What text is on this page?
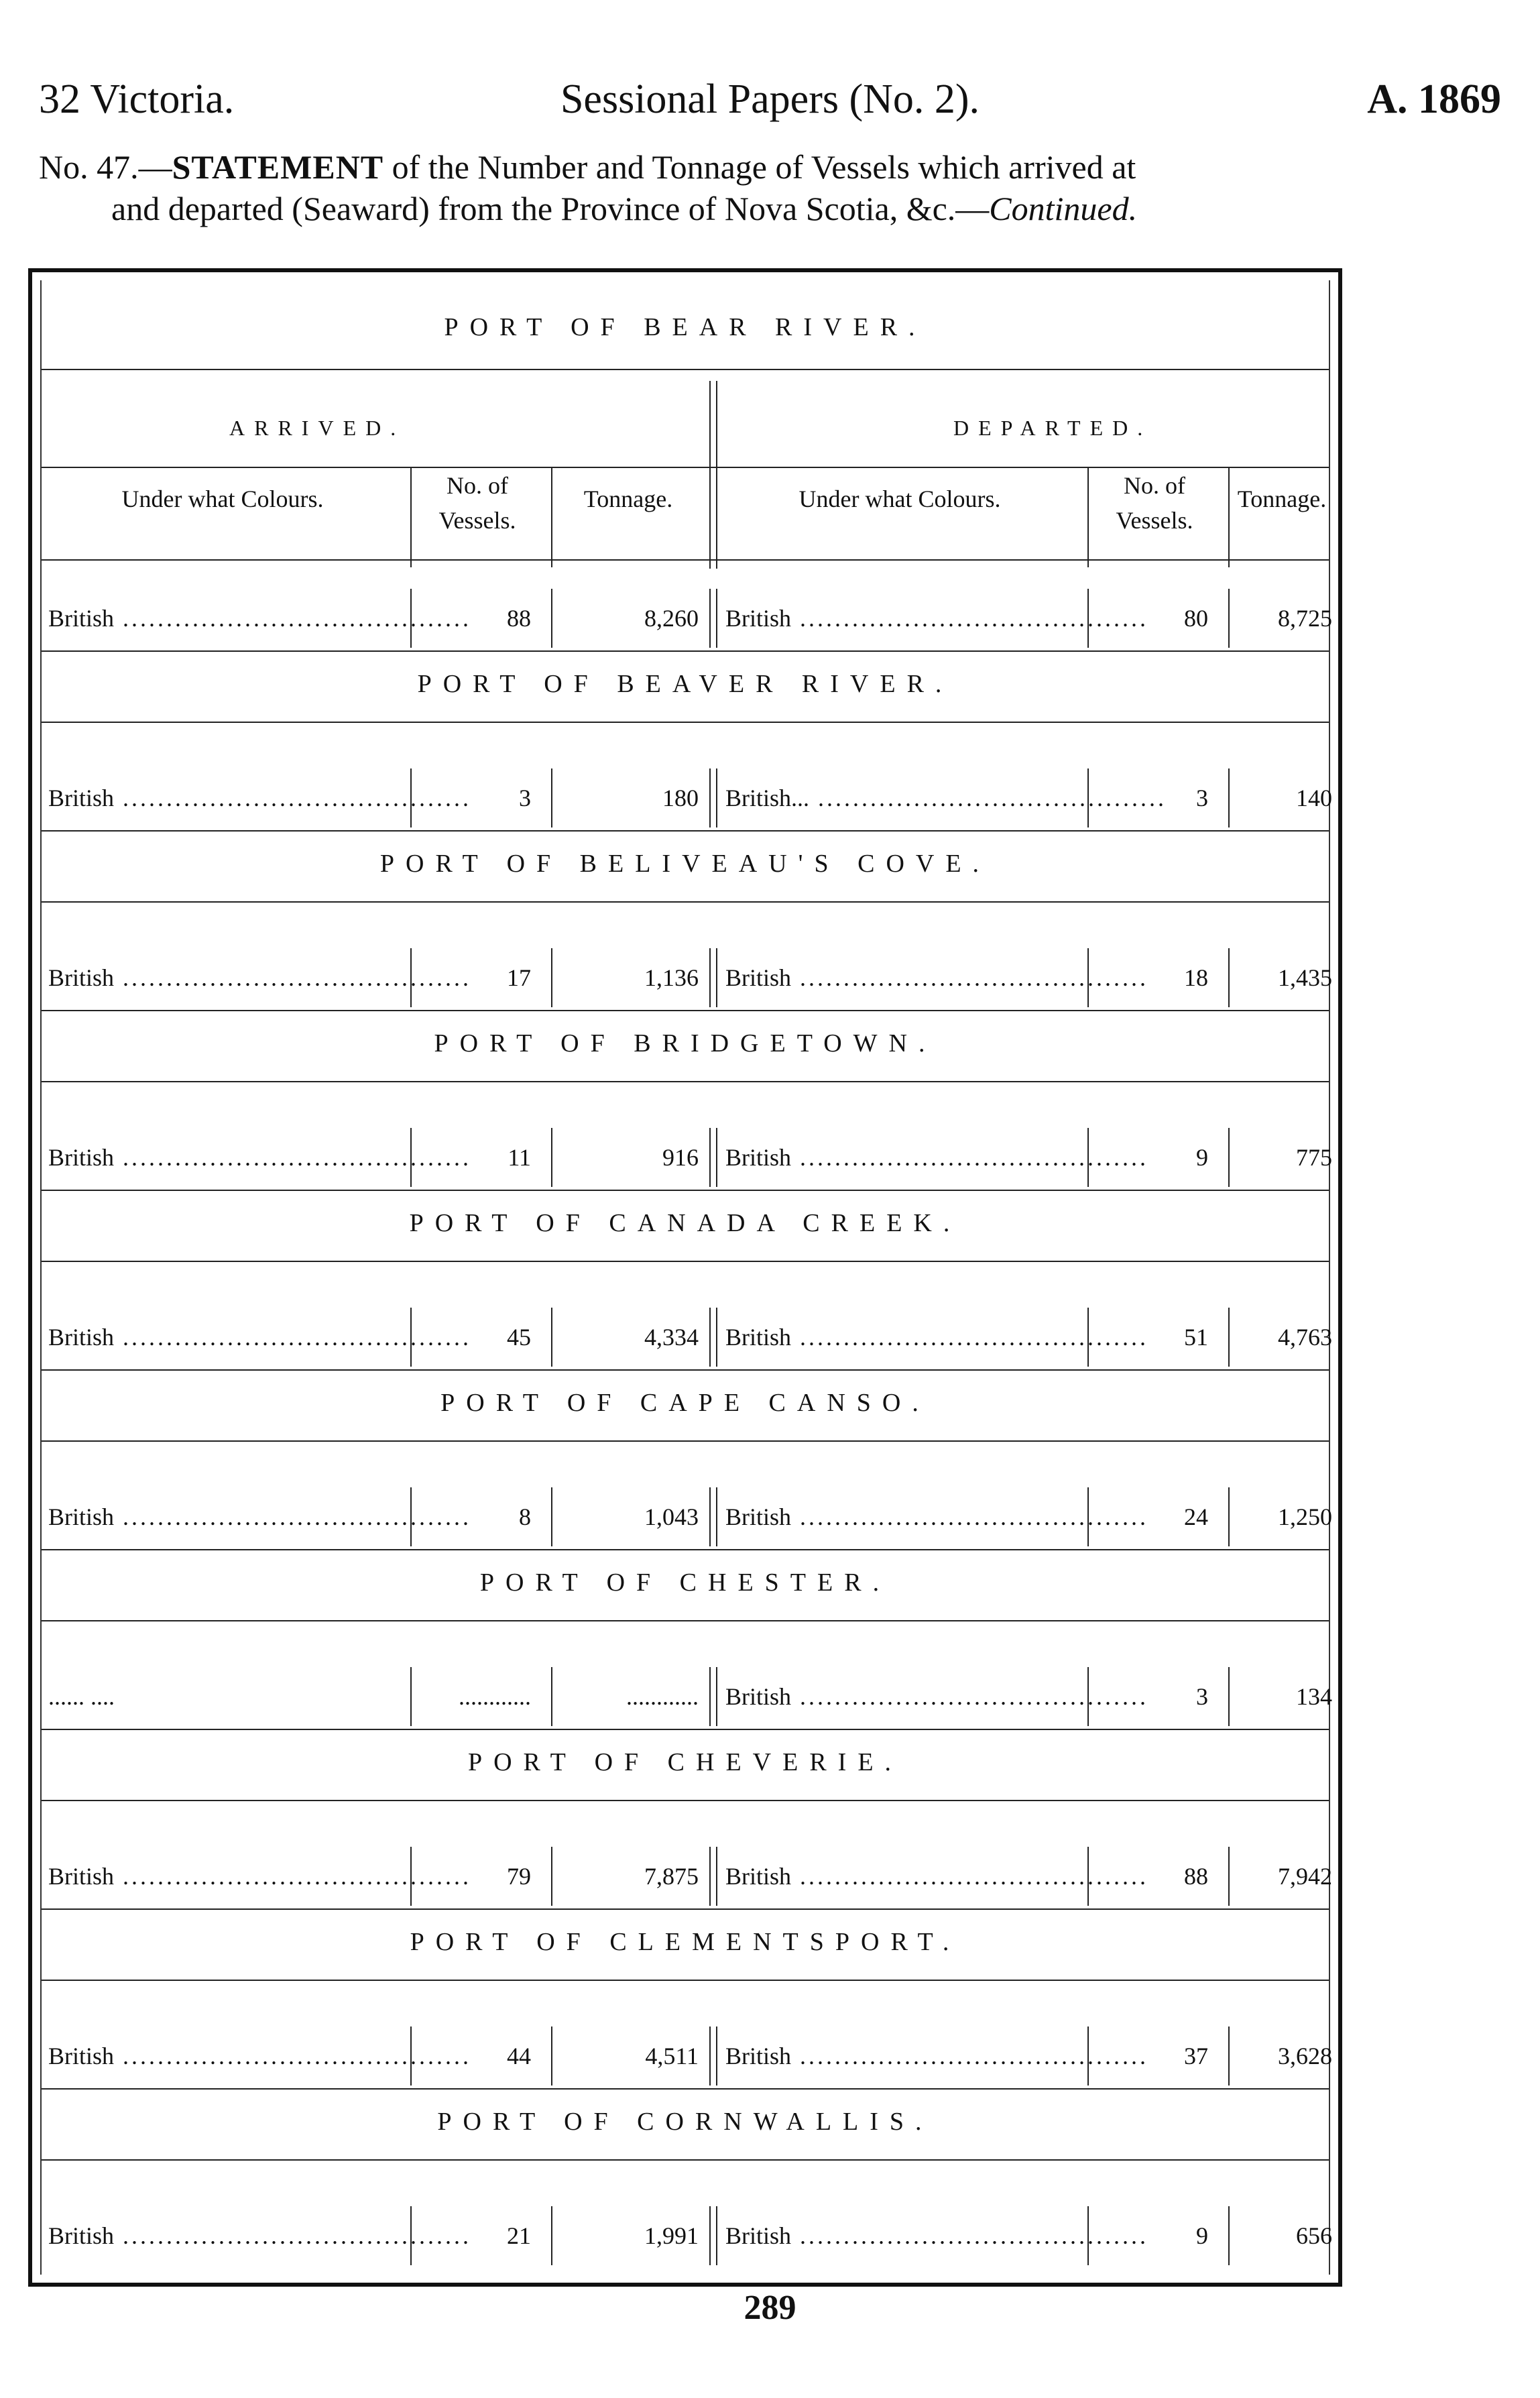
32 Victoria.	Sessional Papers (No. 2).	A. 1869
No. 47.—STATEMENT of the Number and Tonnage of Vessels which arrived at
and departed (Seaward) from the Province of Nova Scotia, &c.—Continued.
ARRIVED.	DEPARTED.
Under what Colours.	No. of
Vessels.
Tonnage.	Under what Colours.	No. of
Vessels.
Tonnage.
PORT OF BEAR RIVER.
British ........................................	88	8,260 British ........................................	80	8,725
PORT OF BEAVER RIVER.
British ........................................	3	180 British... ........................................	3	140
PORT OF BELIVEAU'S COVE.
British ........................................	17	1,136 British ........................................	18	1,435
PORT OF BRIDGETOWN.
British ........................................	11	916 British ........................................	9	775
PORT OF CANADA CREEK.
British ........................................	45	4,334 British ........................................	51	4,763
PORT OF CAPE CANSO.
British ........................................	8	1,043 British ........................................	24	1,250
PORT OF CHESTER.
...... ....	............	............ British ........................................	3	134
PORT OF CHEVERIE.
British ........................................	79	7,875 British ........................................	88	7,942
PORT OF CLEMENTSPORT.
British ........................................	44	4,511 British ........................................	37	3,628
PORT OF CORNWALLIS.
British ........................................	21	1,991 British ........................................	9	656
289
